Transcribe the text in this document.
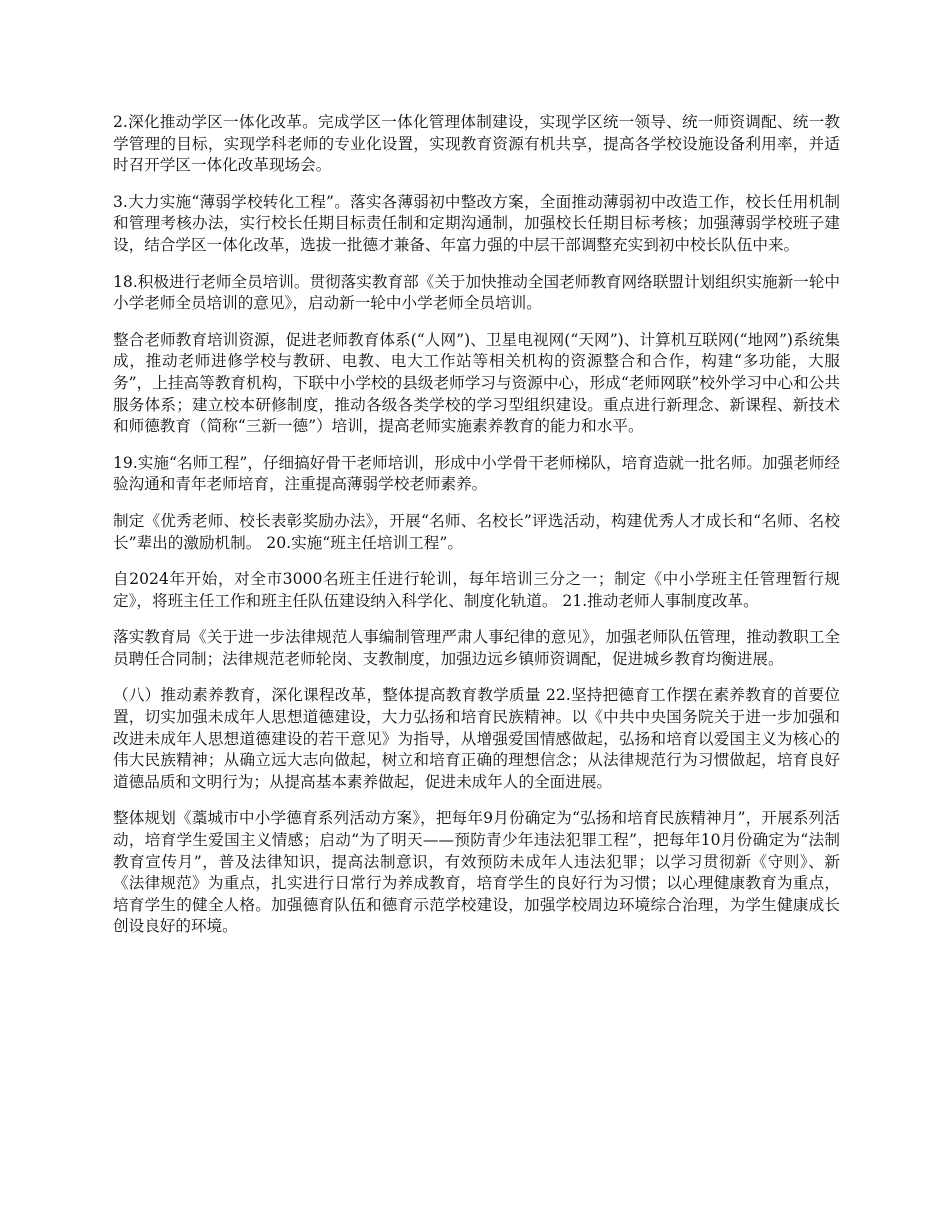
2.深化推动学区一体化改革。完成学区一体化管理体制建设，实现学区统一领导、统一师资调配、统一教学管理的目标，实现学科老师的专业化设置，实现教育资源有机共享，提高各学校设施设备利用率，并适时召开学区一体化改革现场会。

3.大力实施“薄弱学校转化工程”。落实各薄弱初中整改方案，全面推动薄弱初中改造工作，校长任用机制和管理考核办法，实行校长任期目标责任制和定期沟通制，加强校长任期目标考核；加强薄弱学校班子建设，结合学区一体化改革，选拔一批德才兼备、年富力强的中层干部调整充实到初中校长队伍中来。

18.积极进行老师全员培训。贯彻落实教育部《关于加快推动全国老师教育网络联盟计划组织实施新一轮中小学老师全员培训的意见》，启动新一轮中小学老师全员培训。

整合老师教育培训资源，促进老师教育体系(“人网”)、卫星电视网(“天网”)、计算机互联网(“地网”)系统集成，推动老师进修学校与教研、电教、电大工作站等相关机构的资源整合和合作，构建“多功能，大服务”，上挂高等教育机构，下联中小学校的县级老师学习与资源中心，形成“老师网联”校外学习中心和公共服务体系；建立校本研修制度，推动各级各类学校的学习型组织建设。重点进行新理念、新课程、新技术和师德教育（简称“三新一德”）培训，提高老师实施素养教育的能力和水平。

19.实施“名师工程”，仔细搞好骨干老师培训，形成中小学骨干老师梯队，培育造就一批名师。加强老师经验沟通和青年老师培育，注重提高薄弱学校老师素养。

制定《优秀老师、校长表彰奖励办法》，开展“名师、名校长”评选活动，构建优秀人才成长和“名师、名校长”辈出的激励机制。 20.实施“班主任培训工程”。

自2024年开始，对全市3000名班主任进行轮训，每年培训三分之一；制定《中小学班主任管理暂行规定》，将班主任工作和班主任队伍建设纳入科学化、制度化轨道。 21.推动老师人事制度改革。

落实教育局《关于进一步法律规范人事编制管理严肃人事纪律的意见》，加强老师队伍管理，推动教职工全员聘任合同制；法律规范老师轮岗、支教制度，加强边远乡镇师资调配，促进城乡教育均衡进展。

（八）推动素养教育，深化课程改革，整体提高教育教学质量 22.坚持把德育工作摆在素养教育的首要位置，切实加强未成年人思想道德建设，大力弘扬和培育民族精神。以《中共中央国务院关于进一步加强和改进未成年人思想道德建设的若干意见》为指导，从增强爱国情感做起，弘扬和培育以爱国主义为核心的伟大民族精神；从确立远大志向做起，树立和培育正确的理想信念；从法律规范行为习惯做起，培育良好道德品质和文明行为；从提高基本素养做起，促进未成年人的全面进展。

整体规划《藁城市中小学德育系列活动方案》，把每年9月份确定为“弘扬和培育民族精神月”，开展系列活动，培育学生爱国主义情感；启动“为了明天——预防青少年违法犯罪工程”，把每年10月份确定为“法制教育宣传月”，普及法律知识，提高法制意识，有效预防未成年人违法犯罪；以学习贯彻新《守则》、新《法律规范》为重点，扎实进行日常行为养成教育，培育学生的良好行为习惯；以心理健康教育为重点，培育学生的健全人格。加强德育队伍和德育示范学校建设，加强学校周边环境综合治理，为学生健康成长创设良好的环境。
